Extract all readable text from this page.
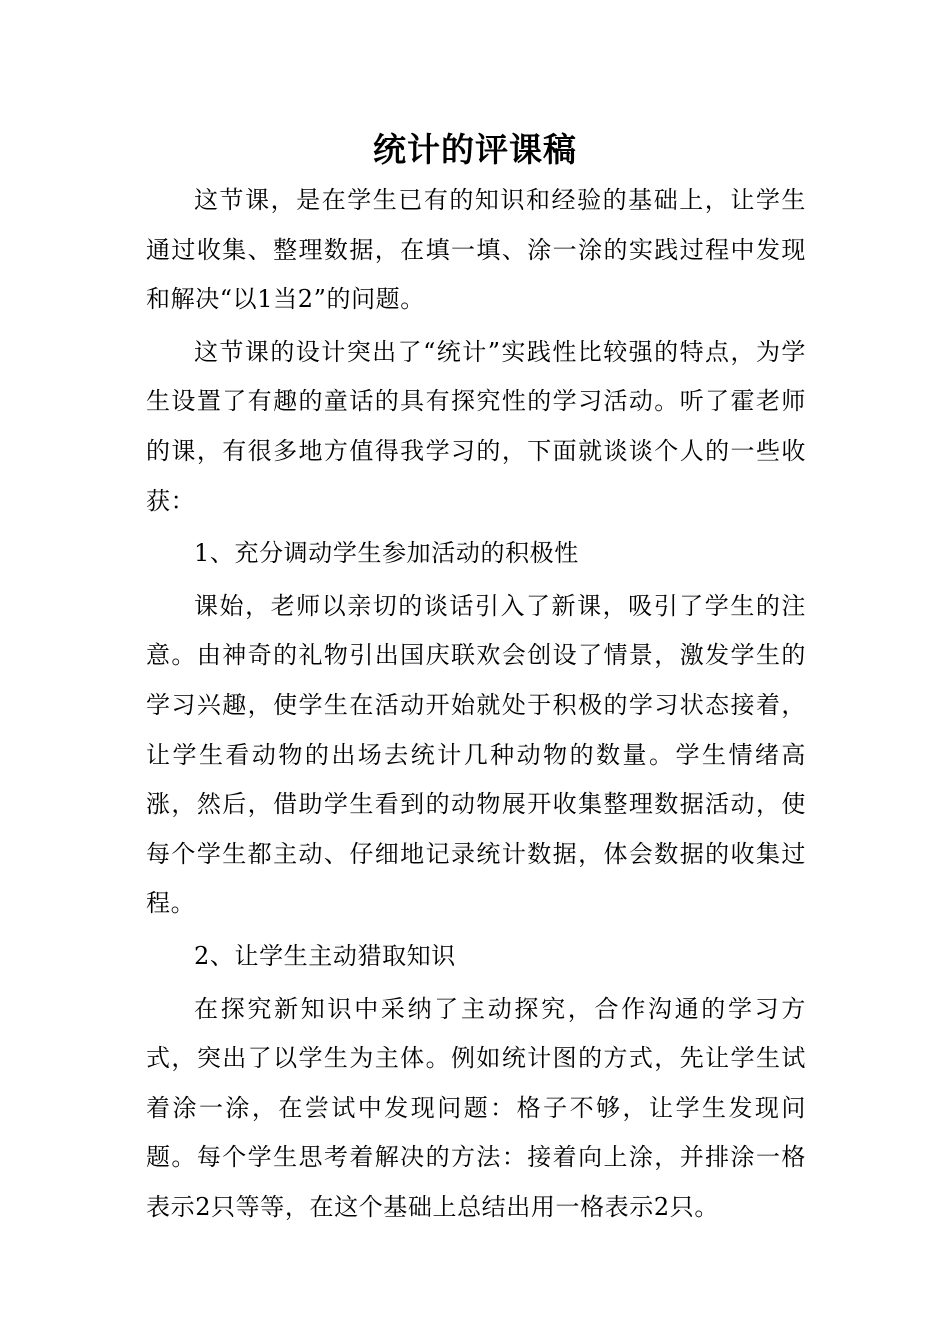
统计的评课稿

这节课，是在学生已有的知识和经验的基础上，让学生通过收集、整理数据，在填一填、涂一涂的实践过程中发现和解决“以1当2”的问题。

这节课的设计突出了“统计”实践性比较强的特点，为学生设置了有趣的童话的具有探究性的学习活动。听了霍老师的课，有很多地方值得我学习的，下面就谈谈个人的一些收获：

1、充分调动学生参加活动的积极性

课始，老师以亲切的谈话引入了新课，吸引了学生的注意。由神奇的礼物引出国庆联欢会创设了情景，激发学生的学习兴趣，使学生在活动开始就处于积极的学习状态接着，让学生看动物的出场去统计几种动物的数量。学生情绪高涨，然后，借助学生看到的动物展开收集整理数据活动，使每个学生都主动、仔细地记录统计数据，体会数据的收集过程。

2、让学生主动猎取知识

在探究新知识中采纳了主动探究，合作沟通的学习方式，突出了以学生为主体。例如统计图的方式，先让学生试着涂一涂，在尝试中发现问题：格子不够，让学生发现问题。每个学生思考着解决的方法：接着向上涂，并排涂一格表示2只等等，在这个基础上总结出用一格表示2只。
